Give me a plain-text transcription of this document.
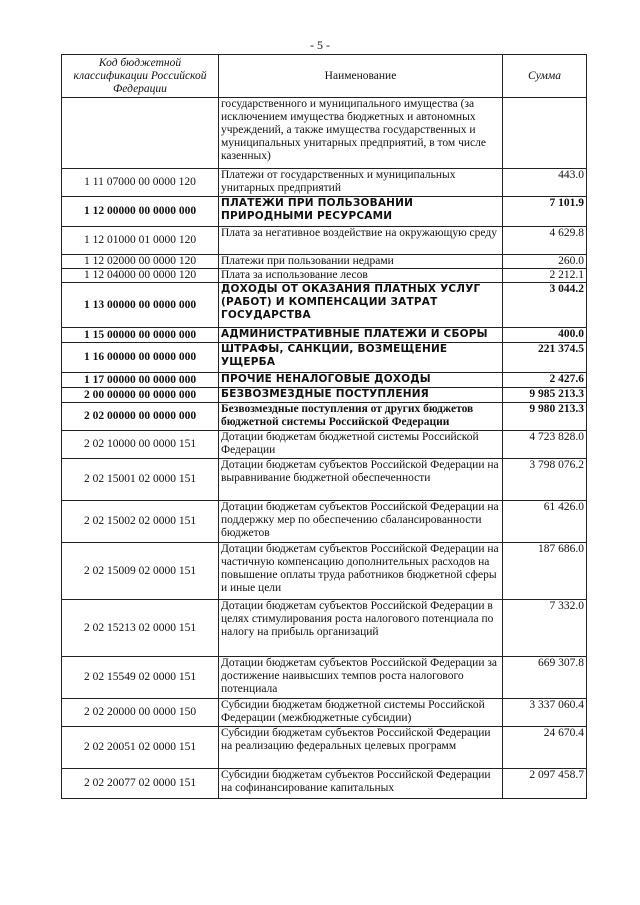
- 5 -
Код бюджетной классификации Российской Федерации	Наименование	Сумма
	государственного и муниципального имущества (за исключением имущества бюджетных и автономных учреждений, а также имущества государственных и муниципальных унитарных предприятий, в том числе казенных)	
1 11 07000 00 0000 120	Платежи от государственных и муниципальных унитарных предприятий	443.0
1 12 00000 00 0000 000	ПЛАТЕЖИ ПРИ ПОЛЬЗОВАНИИ ПРИРОДНЫМИ РЕСУРСАМИ	7 101.9
1 12 01000 01 0000 120	Плата за негативное воздействие на окружающую среду	4 629.8
1 12 02000 00 0000 120	Платежи при пользовании недрами	260.0
1 12 04000 00 0000 120	Плата за использование лесов	2 212.1
1 13 00000 00 0000 000	ДОХОДЫ ОТ ОКАЗАНИЯ ПЛАТНЫХ УСЛУГ (РАБОТ) И КОМПЕНСАЦИИ ЗАТРАТ ГОСУДАРСТВА	3 044.2
1 15 00000 00 0000 000	АДМИНИСТРАТИВНЫЕ ПЛАТЕЖИ И СБОРЫ	400.0
1 16 00000 00 0000 000	ШТРАФЫ, САНКЦИИ, ВОЗМЕЩЕНИЕ УЩЕРБА	221 374.5
1 17 00000 00 0000 000	ПРОЧИЕ НЕНАЛОГОВЫЕ ДОХОДЫ	2 427.6
2 00 00000 00 0000 000	БЕЗВОЗМЕЗДНЫЕ ПОСТУПЛЕНИЯ	9 985 213.3
2 02 00000 00 0000 000	Безвозмездные поступления от других бюджетов бюджетной системы Российской Федерации	9 980 213.3
2 02 10000 00 0000 151	Дотации бюджетам бюджетной системы Российской Федерации	4 723 828.0
2 02 15001 02 0000 151	Дотации бюджетам субъектов Российской Федерации на выравнивание бюджетной обеспеченности	3 798 076.2
2 02 15002 02 0000 151	Дотации бюджетам субъектов Российской Федерации на поддержку мер по обеспечению сбалансированности бюджетов	61 426.0
2 02 15009 02 0000 151	Дотации бюджетам субъектов Российской Федерации на частичную компенсацию дополнительных расходов на повышение оплаты труда работников бюджетной сферы и иные цели	187 686.0
2 02 15213 02 0000 151	Дотации бюджетам субъектов Российской Федерации в целях стимулирования роста налогового потенциала по налогу на прибыль организаций	7 332.0
2 02 15549 02 0000 151	Дотации бюджетам субъектов Российской Федерации за достижение наивысших темпов роста налогового потенциала	669 307.8
2 02 20000 00 0000 150	Субсидии бюджетам бюджетной системы Российской Федерации (межбюджетные субсидии)	3 337 060.4
2 02 20051 02 0000 151	Субсидии бюджетам субъектов Российской Федерации на реализацию федеральных целевых программ	24 670.4
2 02 20077 02 0000 151	Субсидии бюджетам субъектов Российской Федерации на софинансирование капитальных	2 097 458.7
